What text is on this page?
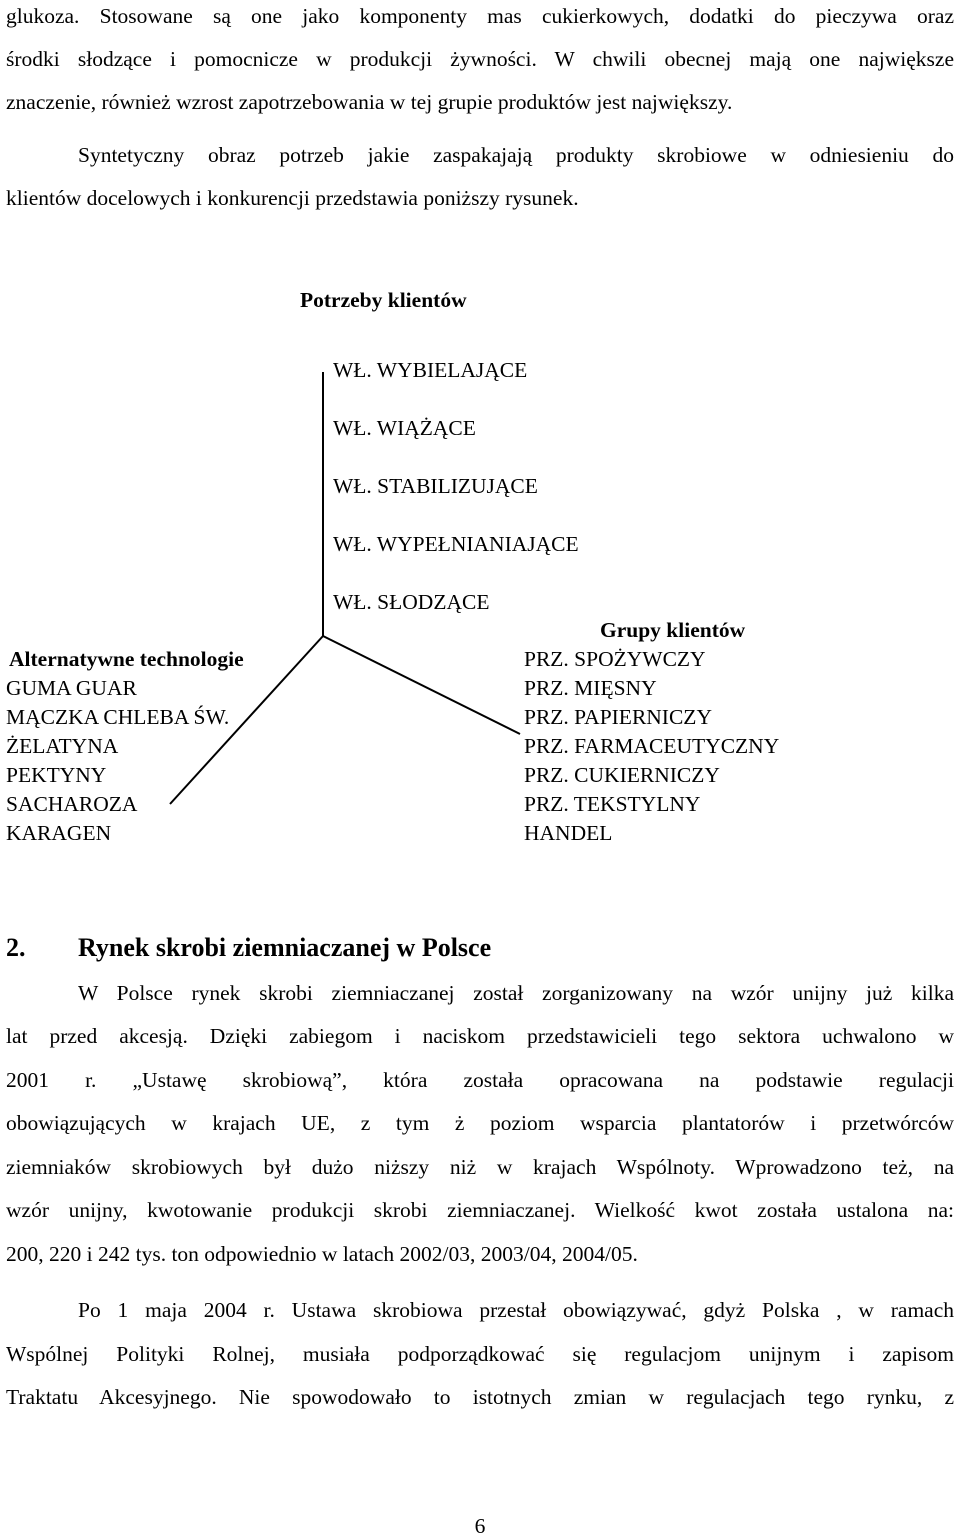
glukoza. Stosowane są one jako komponenty mas cukierkowych, dodatki do pieczywa oraz
środki słodzące i pomocnicze w produkcji żywności. W chwili obecnej mają one największe
znaczenie, również wzrost zapotrzebowania w tej grupie produktów jest największy.
Syntetyczny obraz potrzeb jakie zaspakajają produkty skrobiowe w odniesieniu do
klientów docelowych i konkurencji przedstawia poniższy rysunek.
Potrzeby klientów
WŁ. WYBIELAJĄCE
WŁ. WIĄŻĄCE
WŁ. STABILIZUJĄCE
WŁ. WYPEŁNIANIAJĄCE
WŁ. SŁODZĄCE
Alternatywne technologie
GUMA GUAR
MĄCZKA CHLEBA ŚW.
ŻELATYNA
PEKTYNY
SACHAROZA
KARAGEN
Grupy klientów
PRZ. SPOŻYWCZY
PRZ. MIĘSNY
PRZ. PAPIERNICZY
PRZ. FARMACEUTYCZNY
PRZ. CUKIERNICZY
PRZ. TEKSTYLNY
HANDEL
2. Rynek skrobi ziemniaczanej w Polsce
W Polsce rynek skrobi ziemniaczanej został zorganizowany na wzór unijny już kilka
lat przed akcesją. Dzięki zabiegom i naciskom przedstawicieli tego sektora uchwalono w
2001 r. „Ustawę skrobiową”, która została opracowana na podstawie regulacji
obowiązujących w krajach UE, z tym ż poziom wsparcia plantatorów i przetwórców
ziemniaków skrobiowych był dużo niższy niż w krajach Wspólnoty. Wprowadzono też, na
wzór unijny, kwotowanie produkcji skrobi ziemniaczanej. Wielkość kwot została ustalona na:
200, 220 i 242 tys. ton odpowiednio w latach 2002/03, 2003/04, 2004/05.
Po 1 maja 2004 r. Ustawa skrobiowa przestał obowiązywać, gdyż Polska , w ramach
Wspólnej Polityki Rolnej, musiała podporządkować się regulacjom unijnym i zapisom
Traktatu Akcesyjnego. Nie spowodowało to istotnych zmian w regulacjach tego rynku, z
6
